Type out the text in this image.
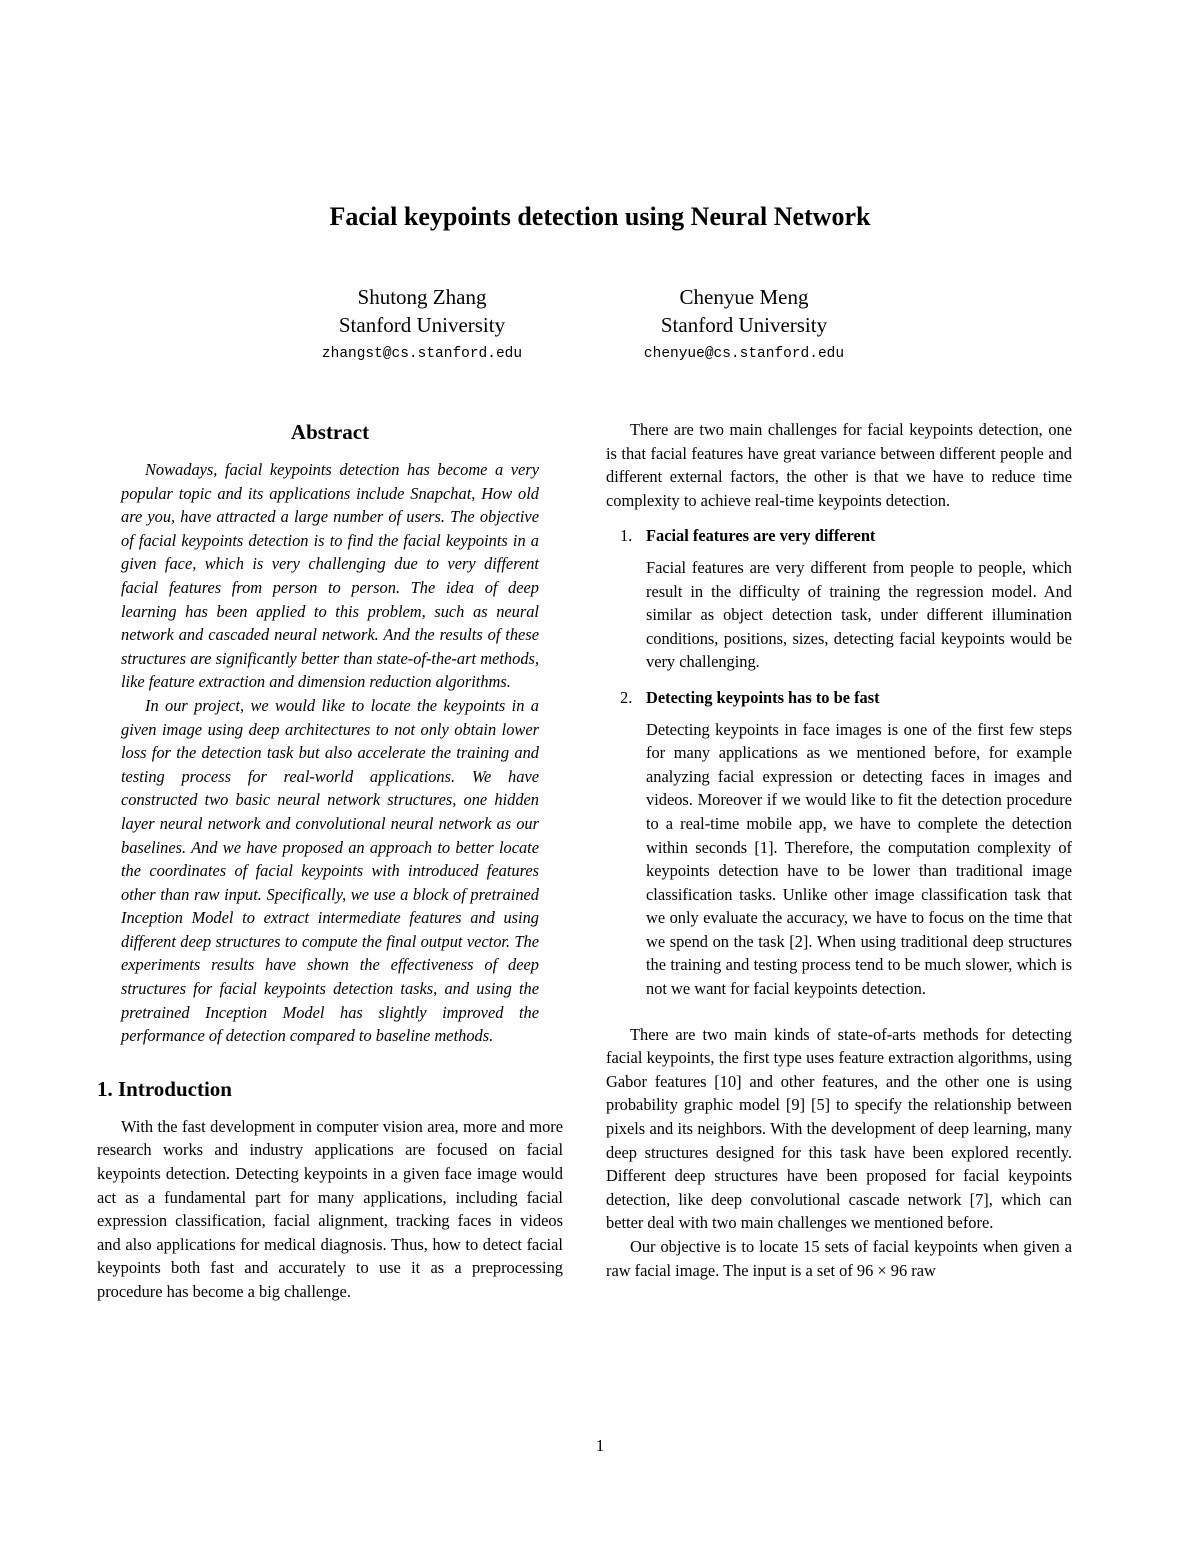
Facial keypoints detection using Neural Network
Shutong Zhang
Stanford University
zhangst@cs.stanford.edu
Chenyue Meng
Stanford University
chenyue@cs.stanford.edu
Abstract

Nowadays, facial keypoints detection has become a very popular topic and its applications include Snapchat, How old are you, have attracted a large number of users. The objective of facial keypoints detection is to find the facial keypoints in a given face, which is very challenging due to very different facial features from person to person. The idea of deep learning has been applied to this problem, such as neural network and cascaded neural network. And the results of these structures are significantly better than state-of-the-art methods, like feature extraction and dimension reduction algorithms.

In our project, we would like to locate the keypoints in a given image using deep architectures to not only obtain lower loss for the detection task but also accelerate the training and testing process for real-world applications. We have constructed two basic neural network structures, one hidden layer neural network and convolutional neural network as our baselines. And we have proposed an approach to better locate the coordinates of facial keypoints with introduced features other than raw input. Specifically, we use a block of pretrained Inception Model to extract intermediate features and using different deep structures to compute the final output vector. The experiments results have shown the effectiveness of deep structures for facial keypoints detection tasks, and using the pretrained Inception Model has slightly improved the performance of detection compared to baseline methods.

1. Introduction

With the fast development in computer vision area, more and more research works and industry applications are focused on facial keypoints detection. Detecting keypoints in a given face image would act as a fundamental part for many applications, including facial expression classification, facial alignment, tracking faces in videos and also applications for medical diagnosis. Thus, how to detect facial keypoints both fast and accurately to use it as a preprocessing procedure has become a big challenge.

There are two main challenges for facial keypoints detection, one is that facial features have great variance between different people and different external factors, the other is that we have to reduce time complexity to achieve real-time keypoints detection.

1. Facial features are very different

Facial features are very different from people to people, which result in the difficulty of training the regression model. And similar as object detection task, under different illumination conditions, positions, sizes, detecting facial keypoints would be very challenging.

2. Detecting keypoints has to be fast

Detecting keypoints in face images is one of the first few steps for many applications as we mentioned before, for example analyzing facial expression or detecting faces in images and videos. Moreover if we would like to fit the detection procedure to a real-time mobile app, we have to complete the detection within seconds [1]. Therefore, the computation complexity of keypoints detection have to be lower than traditional image classification tasks. Unlike other image classification task that we only evaluate the accuracy, we have to focus on the time that we spend on the task [2]. When using traditional deep structures the training and testing process tend to be much slower, which is not we want for facial keypoints detection.

There are two main kinds of state-of-arts methods for detecting facial keypoints, the first type uses feature extraction algorithms, using Gabor features [10] and other features, and the other one is using probability graphic model [9] [5] to specify the relationship between pixels and its neighbors. With the development of deep learning, many deep structures designed for this task have been explored recently. Different deep structures have been proposed for facial keypoints detection, like deep convolutional cascade network [7], which can better deal with two main challenges we mentioned before.

Our objective is to locate 15 sets of facial keypoints when given a raw facial image. The input is a set of 96 × 96 raw

1
